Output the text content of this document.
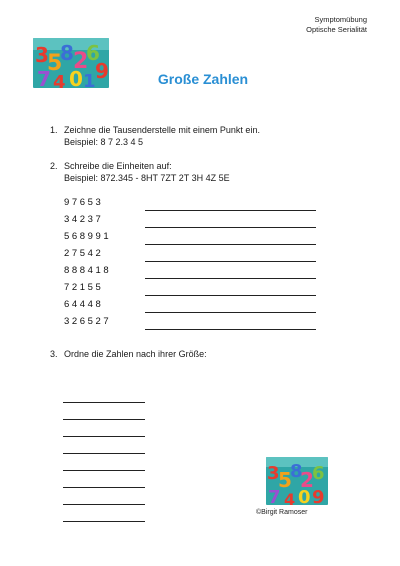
Symptomübung
Optische Serialität
3
5
8 2
6
9
7 4 0 1	Große Zahlen
1. Zeichne die Tausenderstelle mit einem Punkt ein.
Beispiel: 8 7 2.3 4 5
2. Schreibe die Einheiten auf:
Beispiel: 872.345 - 8HT 7ZT 2T 3H 4Z 5E
97653
34237
568991
27542
888418
72155
64448
326527
3. Ordne die Zahlen nach ihrer Größe:
3
5
8
2
6
7 4 0 9
©Birgit Ramoser
